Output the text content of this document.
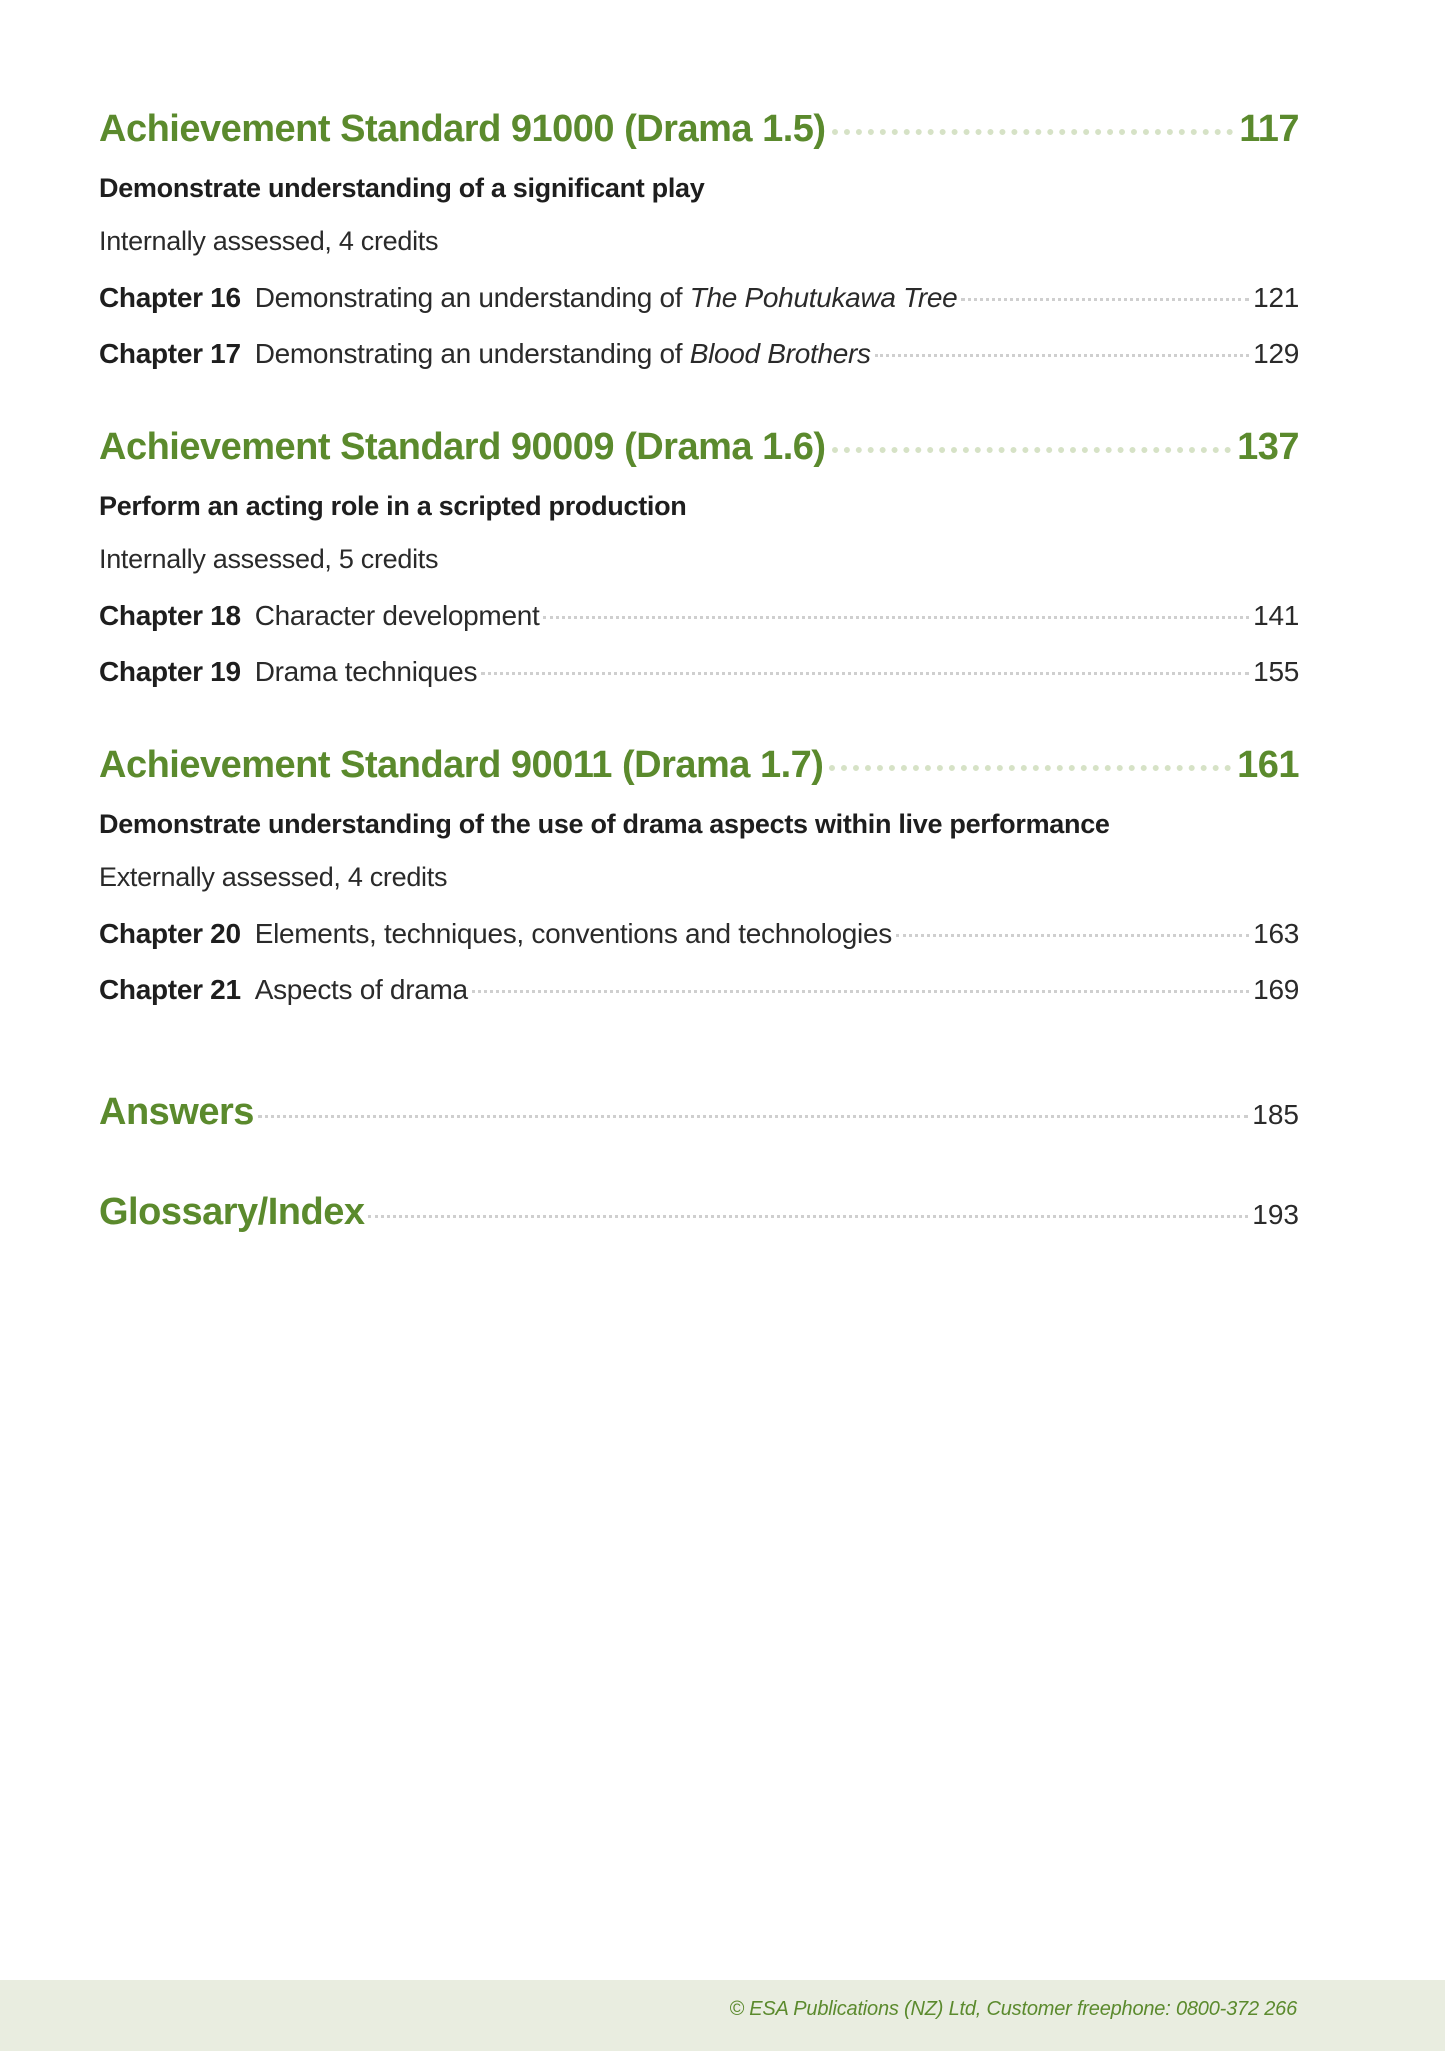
Achievement Standard 91000 (Drama 1.5)	117
Demonstrate understanding of a significant play
Internally assessed, 4 credits
Chapter 16 Demonstrating an understanding of The Pohutukawa Tree	121
Chapter 17 Demonstrating an understanding of Blood Brothers	129
Achievement Standard 90009 (Drama 1.6)	137
Perform an acting role in a scripted production
Internally assessed, 5 credits
Chapter 18 Character development	141
Chapter 19 Drama techniques	155
Achievement Standard 90011 (Drama 1.7)	161
Demonstrate understanding of the use of drama aspects within live performance
Externally assessed, 4 credits
Chapter 20 Elements, techniques, conventions and technologies	163
Chapter 21 Aspects of drama	169
Answers	185
Glossary/Index	193
© ESA Publications (NZ) Ltd, Customer freephone: 0800-372 266
